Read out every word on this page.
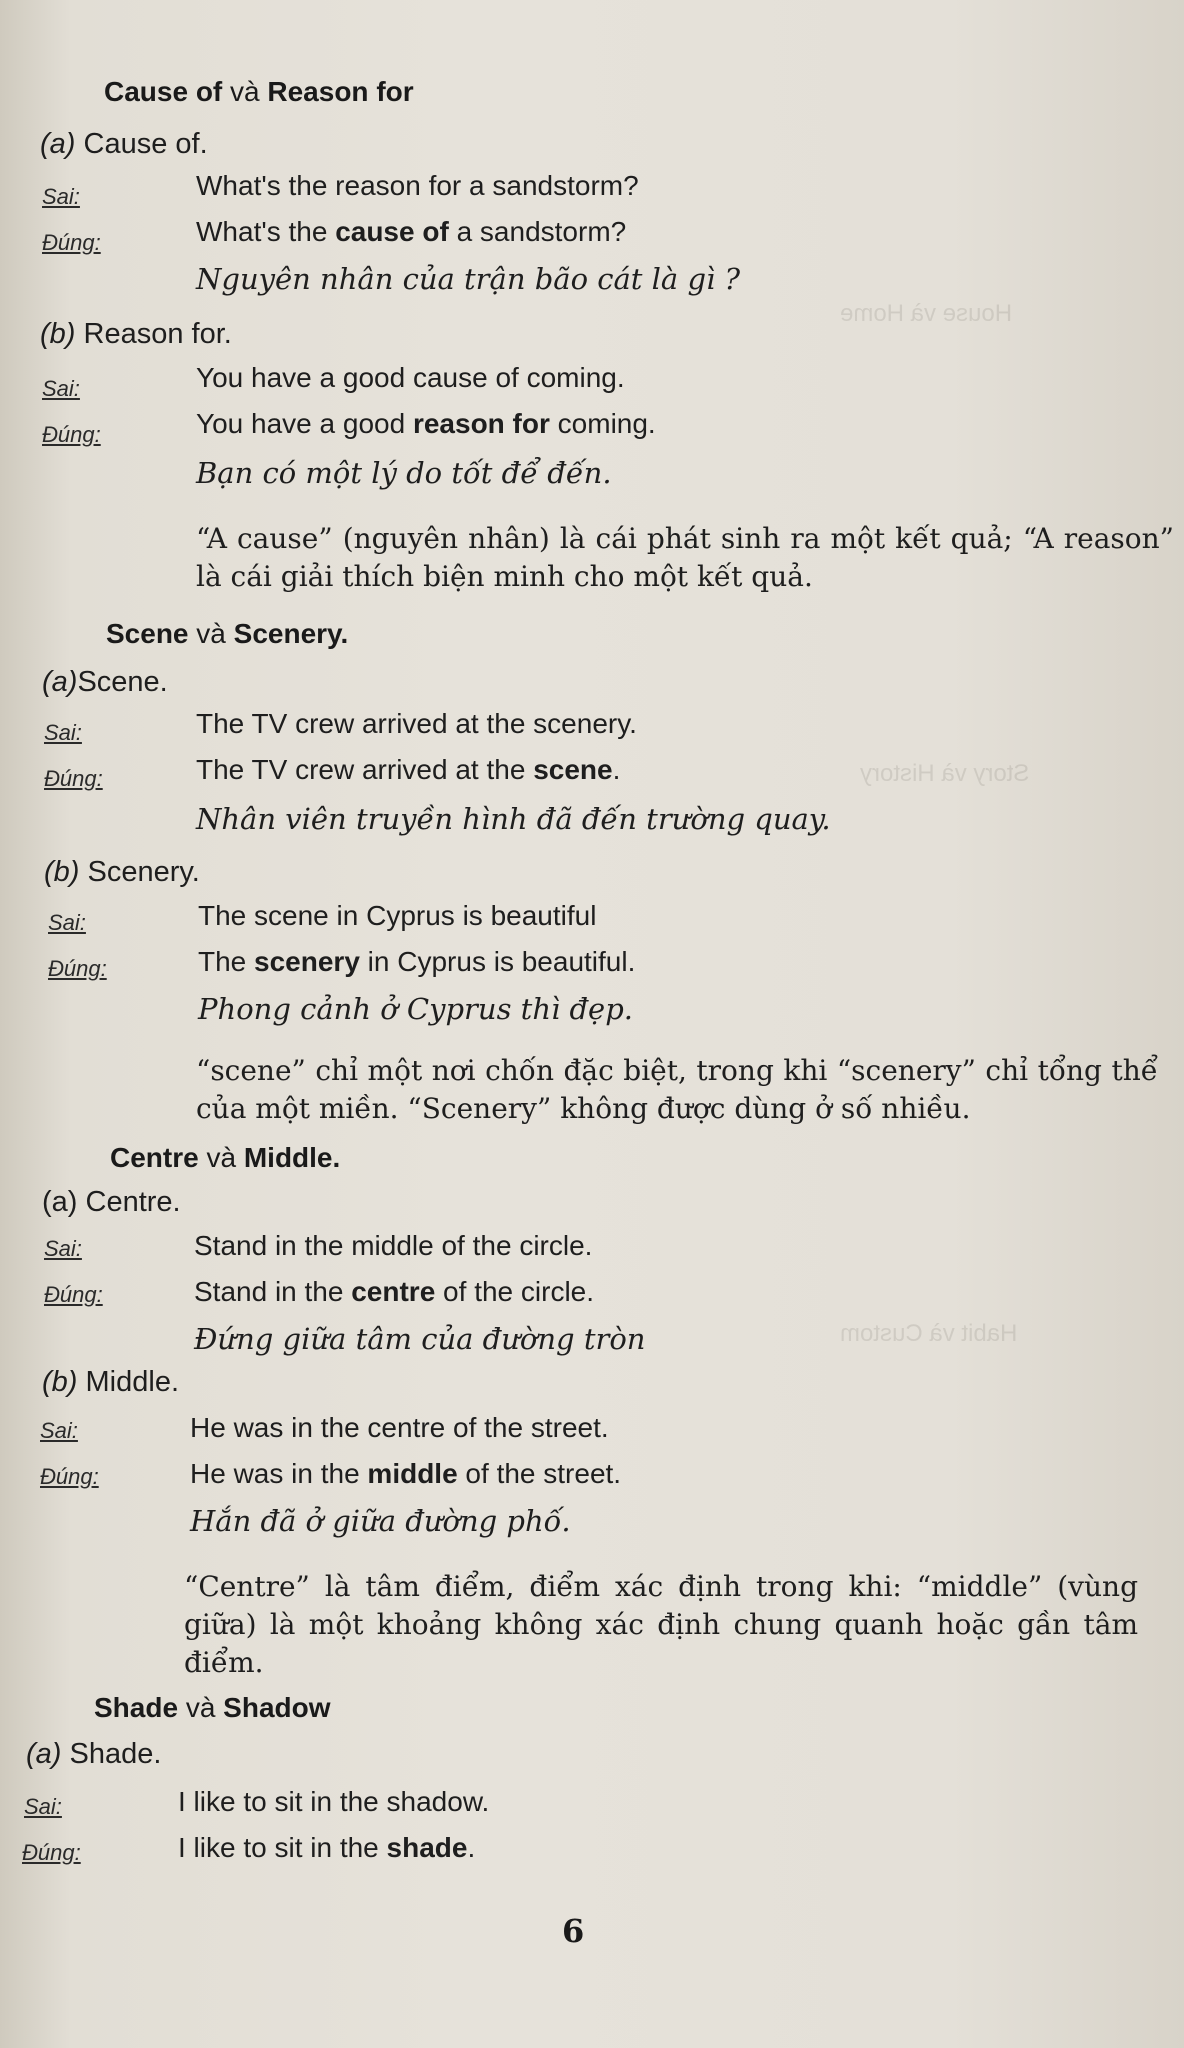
House và Home
Story và History
Habit và Custom
Cause of và Reason for
(a) Cause of.
Sai:	What's the reason for a sandstorm?
Đúng:	What's the cause of a sandstorm?
Nguyên nhân của trận bão cát là gì ?
(b) Reason for.
Sai:	You have a good cause of coming.
Đúng:	You have a good reason for coming.
Bạn có một lý do tốt để đến.
“A cause” (nguyên nhân) là cái phát sinh ra một kết quả; “A reason” là cái giải thích biện minh cho một kết quả.
Scene và Scenery.
(a)Scene.
Sai:	The TV crew arrived at the scenery.
Đúng:	The TV crew arrived at the scene.
Nhân viên truyền hình đã đến trường quay.
(b) Scenery.
Sai:	The scene in Cyprus is beautiful
Đúng:	The scenery in Cyprus is beautiful.
Phong cảnh ở Cyprus thì đẹp.
“scene” chỉ một nơi chốn đặc biệt, trong khi “scenery” chỉ tổng thể của một miền. “Scenery” không được dùng ở số nhiều.
Centre và Middle.
(a) Centre.
Sai:	Stand in the middle of the circle.
Đúng:	Stand in the centre of the circle.
Đứng giữa tâm của đường tròn
(b) Middle.
Sai:	He was in the centre of the street.
Đúng:	He was in the middle of the street.
Hắn đã ở giữa đường phố.
“Centre” là tâm điểm, điểm xác định trong khi: “middle” (vùng giữa) là một khoảng không xác định chung quanh hoặc gần tâm điểm.
Shade và Shadow
(a) Shade.
Sai:	I like to sit in the shadow.
Đúng:	I like to sit in the shade.
6
